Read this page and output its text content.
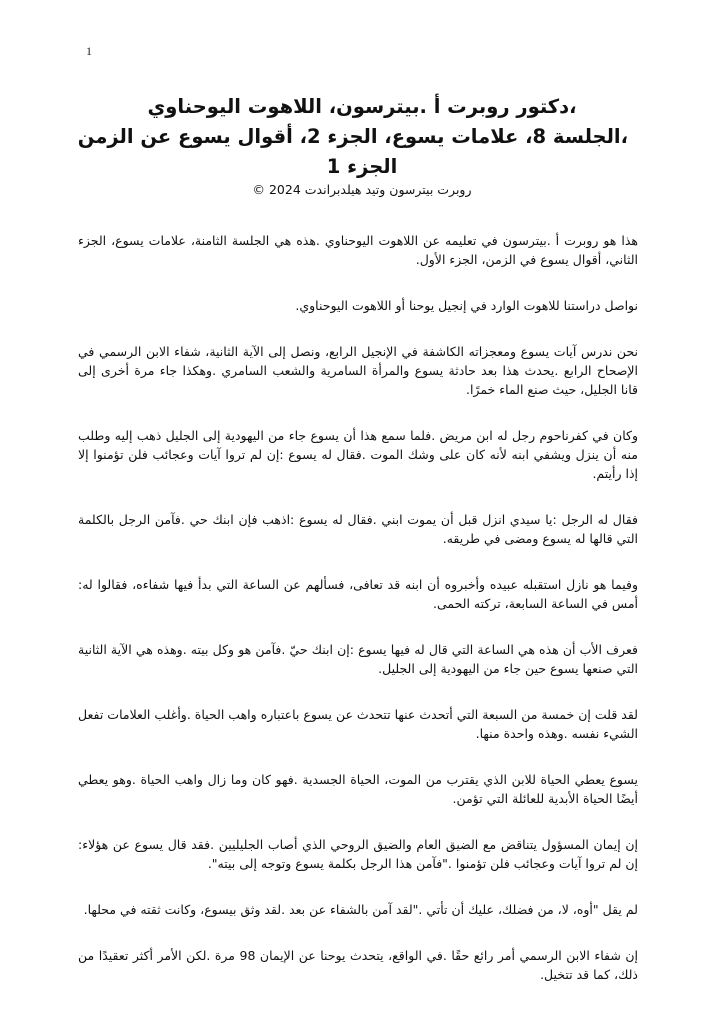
1
،دكتور روبرت أ .بيترسون، اللاهوت اليوحناوي
،الجلسة 8، علامات يسوع، الجزء 2، أقوال يسوع عن الزمن
الجزء 1
روبرت بيترسون وتيد هيلدبراندت 2024 ©

هذا هو روبرت أ .بيترسون في تعليمه عن اللاهوت اليوحناوي .هذه هي الجلسة الثامنة، علامات يسوع، الجزء الثاني، أقوال يسوع في الزمن، الجزء الأول.

نواصل دراستنا للاهوت الوارد في إنجيل يوحنا أو اللاهوت اليوحناوي.

نحن ندرس آيات يسوع ومعجزاته الكاشفة في الإنجيل الرابع، ونصل إلى الآية الثانية، شفاء الابن الرسمي في الإصحاح الرابع .يحدث هذا بعد حادثة يسوع والمرأة السامرية والشعب السامري .وهكذا جاء مرة أخرى إلى قانا الجليل، حيث صنع الماء خمرًا.

وكان في كفرناحوم رجل له ابن مريض .فلما سمع هذا أن يسوع جاء من اليهودية إلى الجليل ذهب إليه وطلب منه أن ينزل ويشفي ابنه لأنه كان على وشك الموت .فقال له يسوع :إن لم تروا آيات وعجائب فلن تؤمنوا إلا إذا رأيتم.

فقال له الرجل :يا سيدي انزل قبل أن يموت ابني .فقال له يسوع :اذهب فإن ابنك حي .فآمن الرجل بالكلمة التي قالها له يسوع ومضى في طريقه.

وفيما هو نازل استقبله عبيده وأخبروه أن ابنه قد تعافى، فسألهم عن الساعة التي بدأ فيها شفاءه، فقالوا له: أمس في الساعة السابعة، تركته الحمى.

فعرف الأب أن هذه هي الساعة التي قال له فيها يسوع :إن ابنك حيّ .فآمن هو وكل بيته .وهذه هي الآية الثانية التي صنعها يسوع حين جاء من اليهودية إلى الجليل.

لقد قلت إن خمسة من السبعة التي أتحدث عنها تتحدث عن يسوع باعتباره واهب الحياة .وأغلب العلامات تفعل الشيء نفسه .وهذه واحدة منها.

يسوع يعطي الحياة للابن الذي يقترب من الموت، الحياة الجسدية .فهو كان وما زال واهب الحياة .وهو يعطي أيضًا الحياة الأبدية للعائلة التي تؤمن.

إن إيمان المسؤول يتناقض مع الضيق العام والضيق الروحي الذي أصاب الجليليين .فقد قال يسوع عن هؤلاء: إن لم تروا آيات وعجائب فلن تؤمنوا ."فآمن هذا الرجل بكلمة يسوع وتوجه إلى بيته".

لم يقل "أوه، لا، من فضلك، عليك أن تأتي ."لقد آمن بالشفاء عن بعد .لقد وثق بيسوع، وكانت ثقته في محلها.

إن شفاء الابن الرسمي أمر رائع حقًا .في الواقع، يتحدث يوحنا عن الإيمان 98 مرة .لكن الأمر أكثر تعقيدًا من ذلك، كما قد تتخيل.
